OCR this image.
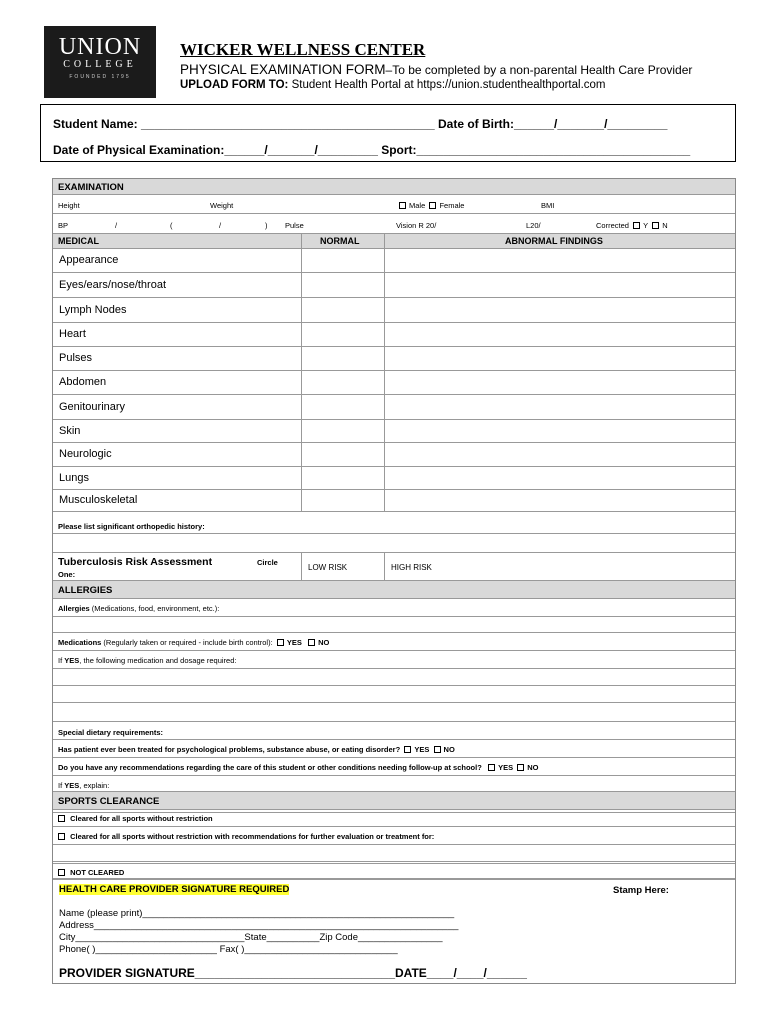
UNION
COLLEGE
FOUNDED 1795
WICKER WELLNESS CENTER
PHYSICAL EXAMINATION FORM–To be completed by a non-parental Health Care Provider
UPLOAD FORM TO: Student Health Portal at https://union.studenthealthportal.com
Student Name: ____________________________________________ Date of Birth:______/_______/_________
Date of Physical Examination:______/_______/_________ Sport:_________________________________________
EXAMINATION
Height	Weight	Male Female	BMI
BP	/	(	/	) Pulse	Vision R 20/	L20/	Corrected Y N
MEDICAL	NORMAL	ABNORMAL FINDINGS
Appearance
Eyes/ears/nose/throat
Lymph Nodes
Heart
Pulses
Abdomen
Genitourinary
Skin
Neurologic
Lungs
Musculoskeletal
Please list significant orthopedic history:
Tuberculosis Risk Assessment
One:
Circle
LOW RISK	HIGH RISK
ALLERGIES
Allergies (Medications, food, environment, etc.):
Medications (Regularly taken or required - include birth control): YES NO
If YES, the following medication and dosage required:
Special dietary requirements:
Has patient ever been treated for psychological problems, substance abuse, or eating disorder? YES NO
Do you have any recommendations regarding the care of this student or other conditions needing follow-up at school? YES NO
If YES, explain:
SPORTS CLEARANCE
Cleared for all sports without restriction
Cleared for all sports without restriction with recommendations for further evaluation or treatment for:
NOT CLEARED
HEALTH CARE PROVIDER SIGNATURE REQUIRED	Stamp Here:
Name (please print)___________________________________________________________
Address_____________________________________________________________________
City________________________________State__________Zip Code________________
Phone( )_______________________ Fax( )_____________________________
PROVIDER SIGNATURE______________________________DATE____/____/______
